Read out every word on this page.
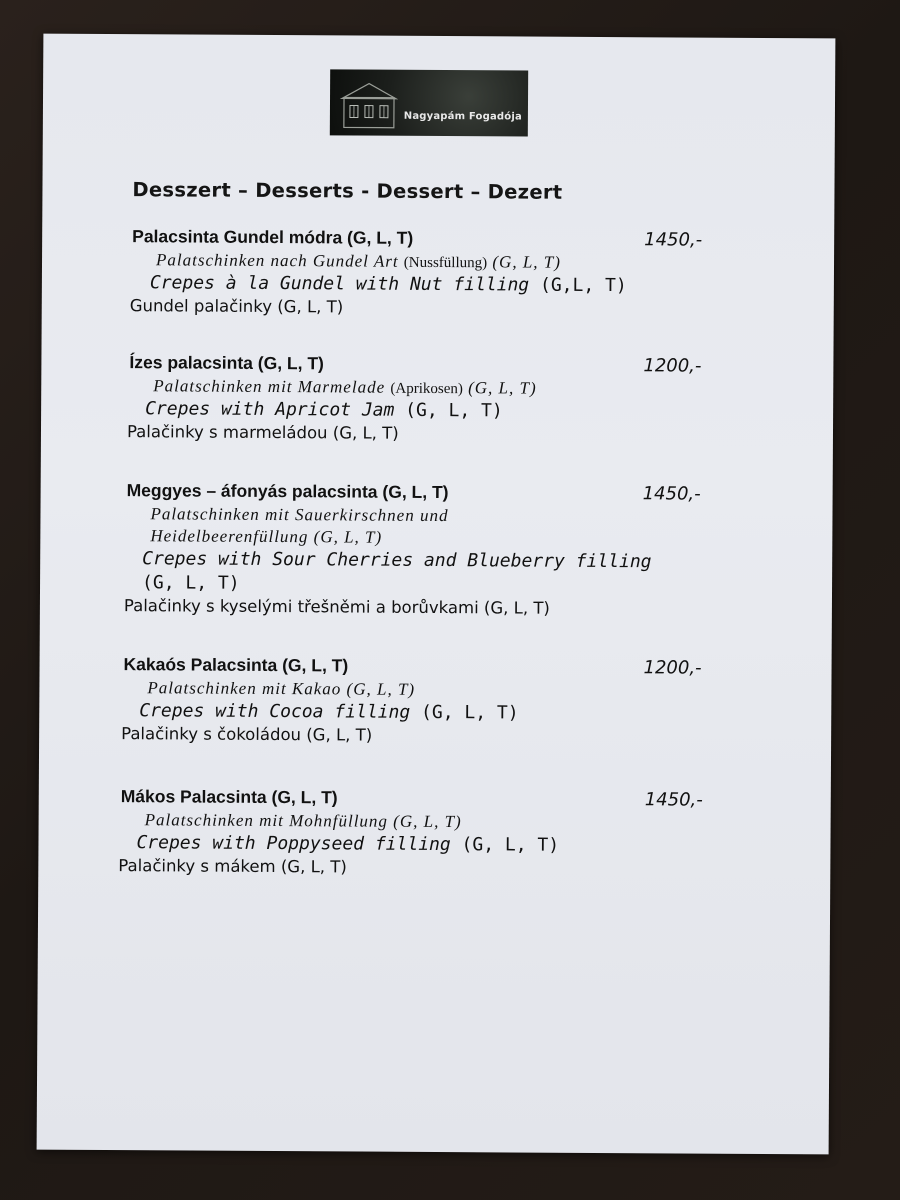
Nagyapám Fogadója
Desszert – Desserts - Dessert – Dezert
Palacsinta Gundel módra (G, L, T)	1450,-
Palatschinken nach Gundel Art (Nussfüllung) (G, L, T)
Crepes à la Gundel with Nut filling (G,L, T)
Gundel palačinky (G, L, T)
Ízes palacsinta (G, L, T)	1200,-
Palatschinken mit Marmelade (Aprikosen) (G, L, T)
Crepes with Apricot Jam (G, L, T)
Palačinky s marmeládou (G, L, T)
Meggyes – áfonyás palacsinta (G, L, T)	1450,-
Palatschinken mit Sauerkirschnen und
Heidelbeerenfüllung (G, L, T)
Crepes with Sour Cherries and Blueberry filling
(G, L, T)
Palačinky s kyselými třešněmi a borůvkami (G, L, T)
Kakaós Palacsinta (G, L, T)	1200,-
Palatschinken mit Kakao (G, L, T)
Crepes with Cocoa filling (G, L, T)
Palačinky s čokoládou (G, L, T)
Mákos Palacsinta (G, L, T)	1450,-
Palatschinken mit Mohnfüllung (G, L, T)
Crepes with Poppyseed filling (G, L, T)
Palačinky s mákem (G, L, T)
